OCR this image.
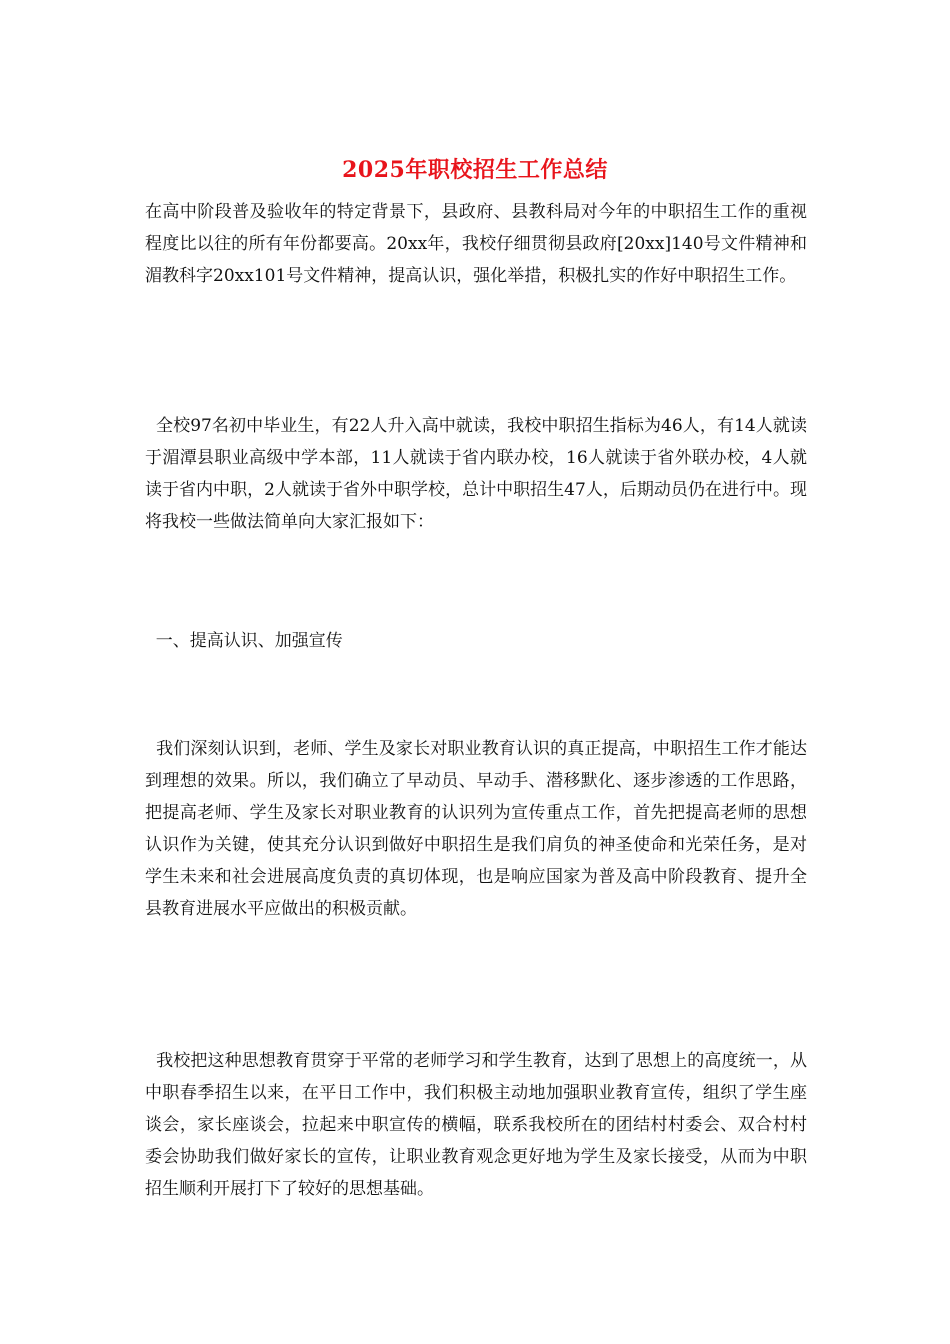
2025年职校招生工作总结

在高中阶段普及验收年的特定背景下，县政府、县教科局对今年的中职招生工作的重视程度比以往的所有年份都要高。20xx年，我校仔细贯彻县政府[20xx]140号文件精神和湄教科字20xx101号文件精神，提高认识，强化举措，积极扎实的作好中职招生工作。

全校97名初中毕业生，有22人升入高中就读，我校中职招生指标为46人，有14人就读于湄潭县职业高级中学本部，11人就读于省内联办校，16人就读于省外联办校，4人就读于省内中职，2人就读于省外中职学校，总计中职招生47人，后期动员仍在进行中。现将我校一些做法简单向大家汇报如下：

一、提高认识、加强宣传

我们深刻认识到，老师、学生及家长对职业教育认识的真正提高，中职招生工作才能达到理想的效果。所以，我们确立了早动员、早动手、潜移默化、逐步渗透的工作思路，把提高老师、学生及家长对职业教育的认识列为宣传重点工作，首先把提高老师的思想认识作为关键，使其充分认识到做好中职招生是我们肩负的神圣使命和光荣任务，是对学生未来和社会进展高度负责的真切体现，也是响应国家为普及高中阶段教育、提升全县教育进展水平应做出的积极贡献。

我校把这种思想教育贯穿于平常的老师学习和学生教育，达到了思想上的高度统一，从中职春季招生以来，在平日工作中，我们积极主动地加强职业教育宣传，组织了学生座谈会，家长座谈会，拉起来中职宣传的横幅，联系我校所在的团结村村委会、双合村村委会协助我们做好家长的宣传，让职业教育观念更好地为学生及家长接受，从而为中职招生顺利开展打下了较好的思想基础。
